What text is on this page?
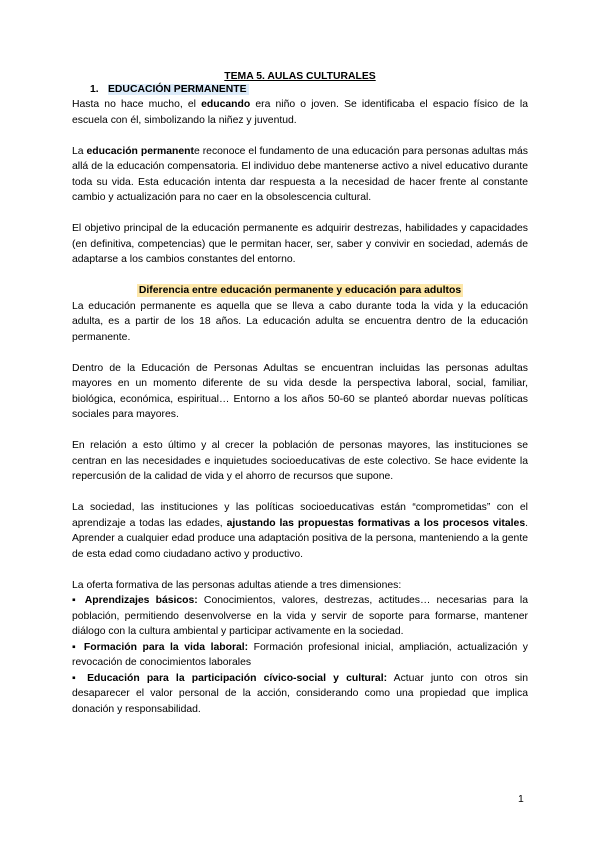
TEMA 5. AULAS CULTURALES
1. EDUCACIÓN PERMANENTE

Hasta no hace mucho, el educando era niño o joven. Se identificaba el espacio físico de la escuela con él, simbolizando la niñez y juventud.

La educación permanente reconoce el fundamento de una educación para personas adultas más allá de la educación compensatoria. El individuo debe mantenerse activo a nivel educativo durante toda su vida. Esta educación intenta dar respuesta a la necesidad de hacer frente al constante cambio y actualización para no caer en la obsolescencia cultural.

El objetivo principal de la educación permanente es adquirir destrezas, habilidades y capacidades (en definitiva, competencias) que le permitan hacer, ser, saber y convivir en sociedad, además de adaptarse a los cambios constantes del entorno.

Diferencia entre educación permanente y educación para adultos

La educación permanente es aquella que se lleva a cabo durante toda la vida y la educación adulta, es a partir de los 18 años. La educación adulta se encuentra dentro de la educación permanente.

Dentro de la Educación de Personas Adultas se encuentran incluidas las personas adultas mayores en un momento diferente de su vida desde la perspectiva laboral, social, familiar, biológica, económica, espiritual… Entorno a los años 50-60 se planteó abordar nuevas políticas sociales para mayores.

En relación a esto último y al crecer la población de personas mayores, las instituciones se centran en las necesidades e inquietudes socioeducativas de este colectivo. Se hace evidente la repercusión de la calidad de vida y el ahorro de recursos que supone.

La sociedad, las instituciones y las políticas socioeducativas están “comprometidas” con el aprendizaje a todas las edades, ajustando las propuestas formativas a los procesos vitales. Aprender a cualquier edad produce una adaptación positiva de la persona, manteniendo a la gente de esta edad como ciudadano activo y productivo.

La oferta formativa de las personas adultas atiende a tres dimensiones:

▪ Aprendizajes básicos: Conocimientos, valores, destrezas, actitudes… necesarias para la población, permitiendo desenvolverse en la vida y servir de soporte para formarse, mantener diálogo con la cultura ambiental y participar activamente en la sociedad.

▪ Formación para la vida laboral: Formación profesional inicial, ampliación, actualización y revocación de conocimientos laborales

▪ Educación para la participación cívico-social y cultural: Actuar junto con otros sin desaparecer el valor personal de la acción, considerando como una propiedad que implica donación y responsabilidad.

1
